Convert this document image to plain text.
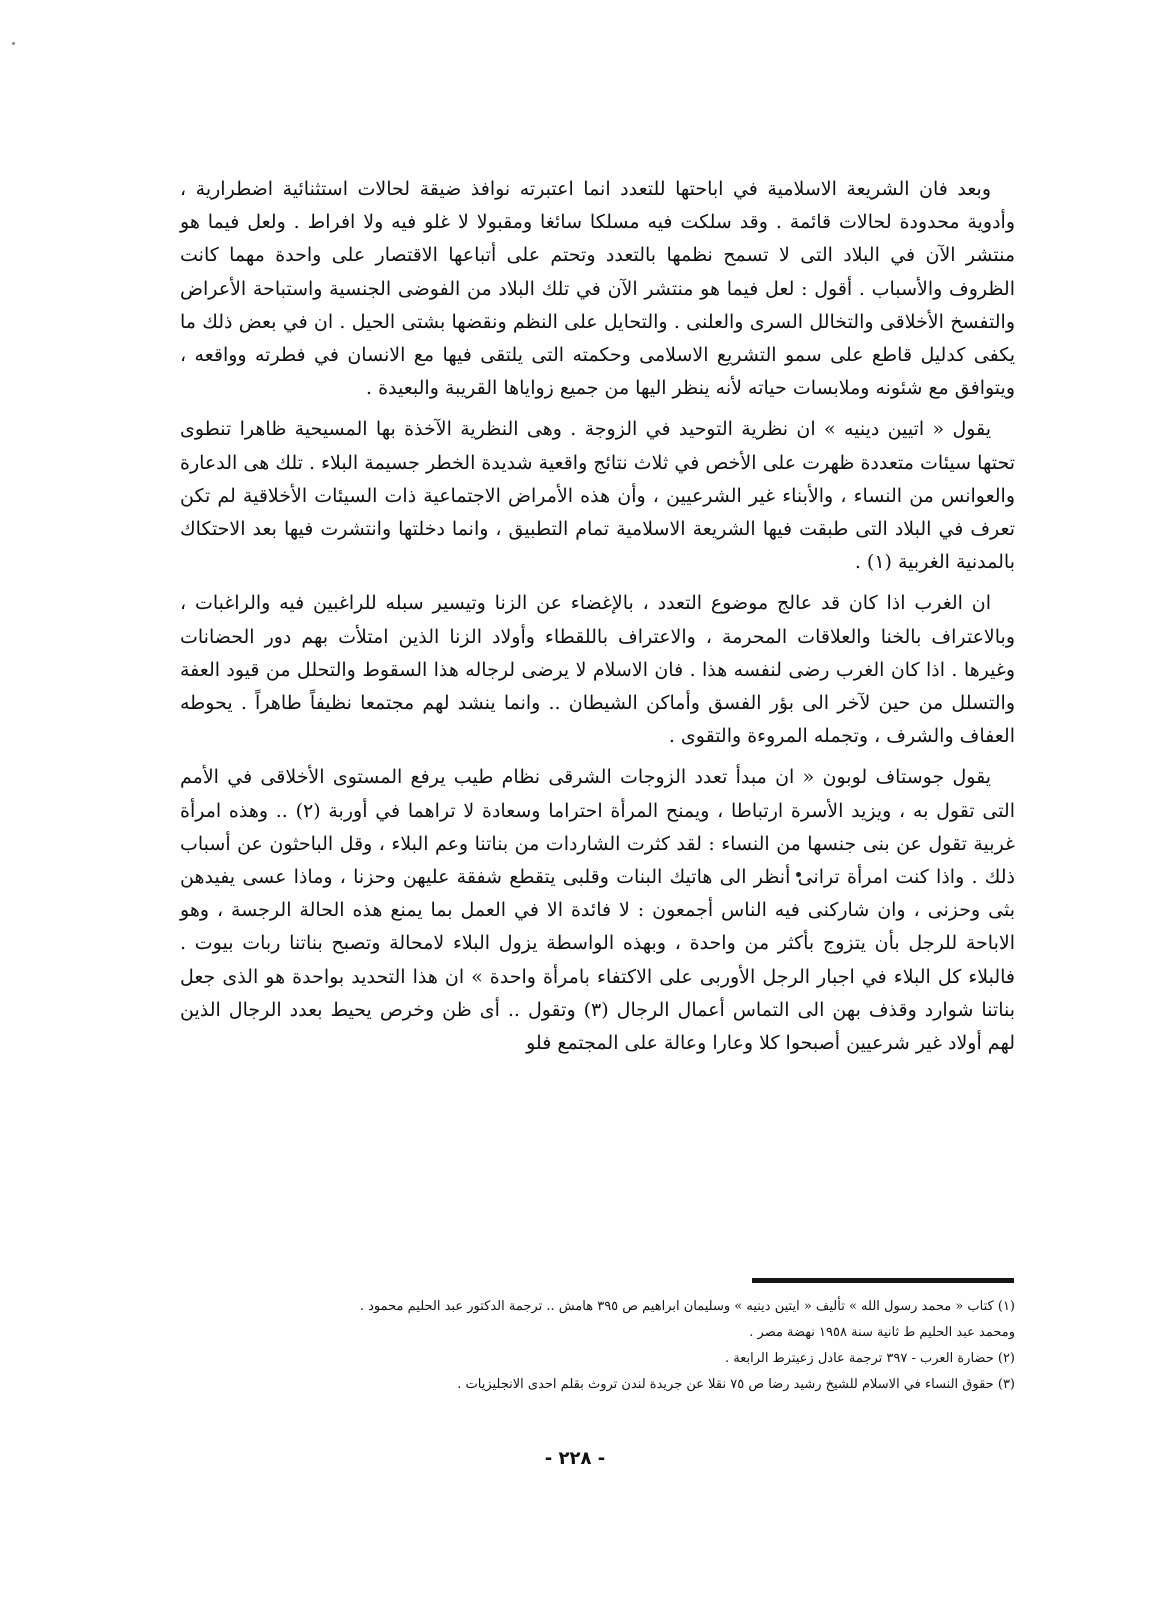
وبعد فان الشريعة الاسلامية في اباحتها للتعدد انما اعتبرته نوافذ ضيقة لحالات استثنائية اضطرارية ، وأدوية محدودة لحالات قائمة . وقد سلكت فيه مسلكا سائغا ومقبولا لا غلو فيه ولا افراط . ولعل فيما هو منتشر الآن في البلاد التى لا تسمح نظمها بالتعدد وتحتم على أتباعها الاقتصار على واحدة مهما كانت الظروف والأسباب . أقول : لعل فيما هو منتشر الآن في تلك البلاد من الفوضى الجنسية واستباحة الأعراض والتفسخ الأخلاقى والتخالل السرى والعلنى . والتحايل على النظم ونقضها بشتى الحيل . ان في بعض ذلك ما يكفى كدليل قاطع على سمو التشريع الاسلامى وحكمته التى يلتقى فيها مع الانسان في فطرته وواقعه ، ويتوافق مع شئونه وملابسات حياته لأنه ينظر اليها من جميع زواياها القريبة والبعيدة .

يقول « اتيين دينيه » ان نظرية التوحيد في الزوجة . وهى النظرية الآخذة بها المسيحية ظاهرا تنطوى تحتها سيئات متعددة ظهرت على الأخص في ثلاث نتائج واقعية شديدة الخطر جسيمة البلاء . تلك هى الدعارة والعوانس من النساء ، والأبناء غير الشرعيين ، وأن هذه الأمراض الاجتماعية ذات السيئات الأخلاقية لم تكن تعرف في البلاد التى طبقت فيها الشريعة الاسلامية تمام التطبيق ، وانما دخلتها وانتشرت فيها بعد الاحتكاك بالمدنية الغربية (١) .

ان الغرب اذا كان قد عالج موضوع التعدد ، بالإغضاء عن الزنا وتيسير سبله للراغبين فيه والراغبات ، وبالاعتراف بالخنا والعلاقات المحرمة ، والاعتراف باللقطاء وأولاد الزنا الذين امتلأت بهم دور الحضانات وغيرها . اذا كان الغرب رضى لنفسه هذا . فان الاسلام لا يرضى لرجاله هذا السقوط والتحلل من قيود العفة والتسلل من حين لآخر الى بؤر الفسق وأماكن الشيطان .. وانما ينشد لهم مجتمعا نظيفاً طاهراً . يحوطه العفاف والشرف ، وتجمله المروءة والتقوى .

يقول جوستاف لوبون « ان مبدأ تعدد الزوجات الشرقى نظام طيب يرفع المستوى الأخلاقى في الأمم التى تقول به ، ويزيد الأسرة ارتباطا ، ويمنح المرأة احتراما وسعادة لا تراهما في أوربة (٢) .. وهذه امرأة غربية تقول عن بنى جنسها من النساء : لقد كثرت الشاردات من بناتنا وعم البلاء ، وقل الباحثون عن أسباب ذلك . واذا كنت امرأة ترانى أنظر الى هاتيك البنات وقلبى يتقطع شفقة عليهن وحزنا ، وماذا عسى يفيدهن بثى وحزنى ، وان شاركنى فيه الناس أجمعون : لا فائدة الا في العمل بما يمنع هذه الحالة الرجسة ، وهو الاباحة للرجل بأن يتزوج بأكثر من واحدة ، وبهذه الواسطة يزول البلاء لامحالة وتصبح بناتنا ربات بيوت . فالبلاء كل البلاء في اجبار الرجل الأوربى على الاكتفاء بامرأة واحدة » ان هذا التحديد بواحدة هو الذى جعل بناتنا شوارد وقذف بهن الى التماس أعمال الرجال (٣) وتقول .. أى ظن وخرص يحيط بعدد الرجال الذين لهم أولاد غير شرعيين أصبحوا كلا وعارا وعالة على المجتمع فلو

(١) كتاب « محمد رسول الله » تأليف « ايتين دينيه » وسليمان ابراهيم ص ٣٩٥ هامش .. ترجمة الدكتور عبد الحليم محمود .
ومحمد عبد الحليم ط ثانية سنة ١٩٥٨ نهضة مصر .
(٢) حضارة العرب - ٣٩٧ ترجمة عادل زعيترط الرابعة .
(٣) حقوق النساء في الاسلام للشيخ رشيد رضا ص ٧٥ نقلا عن جريدة لندن تروث بقلم احدى الانجليزيات .
- ٢٢٨ -
